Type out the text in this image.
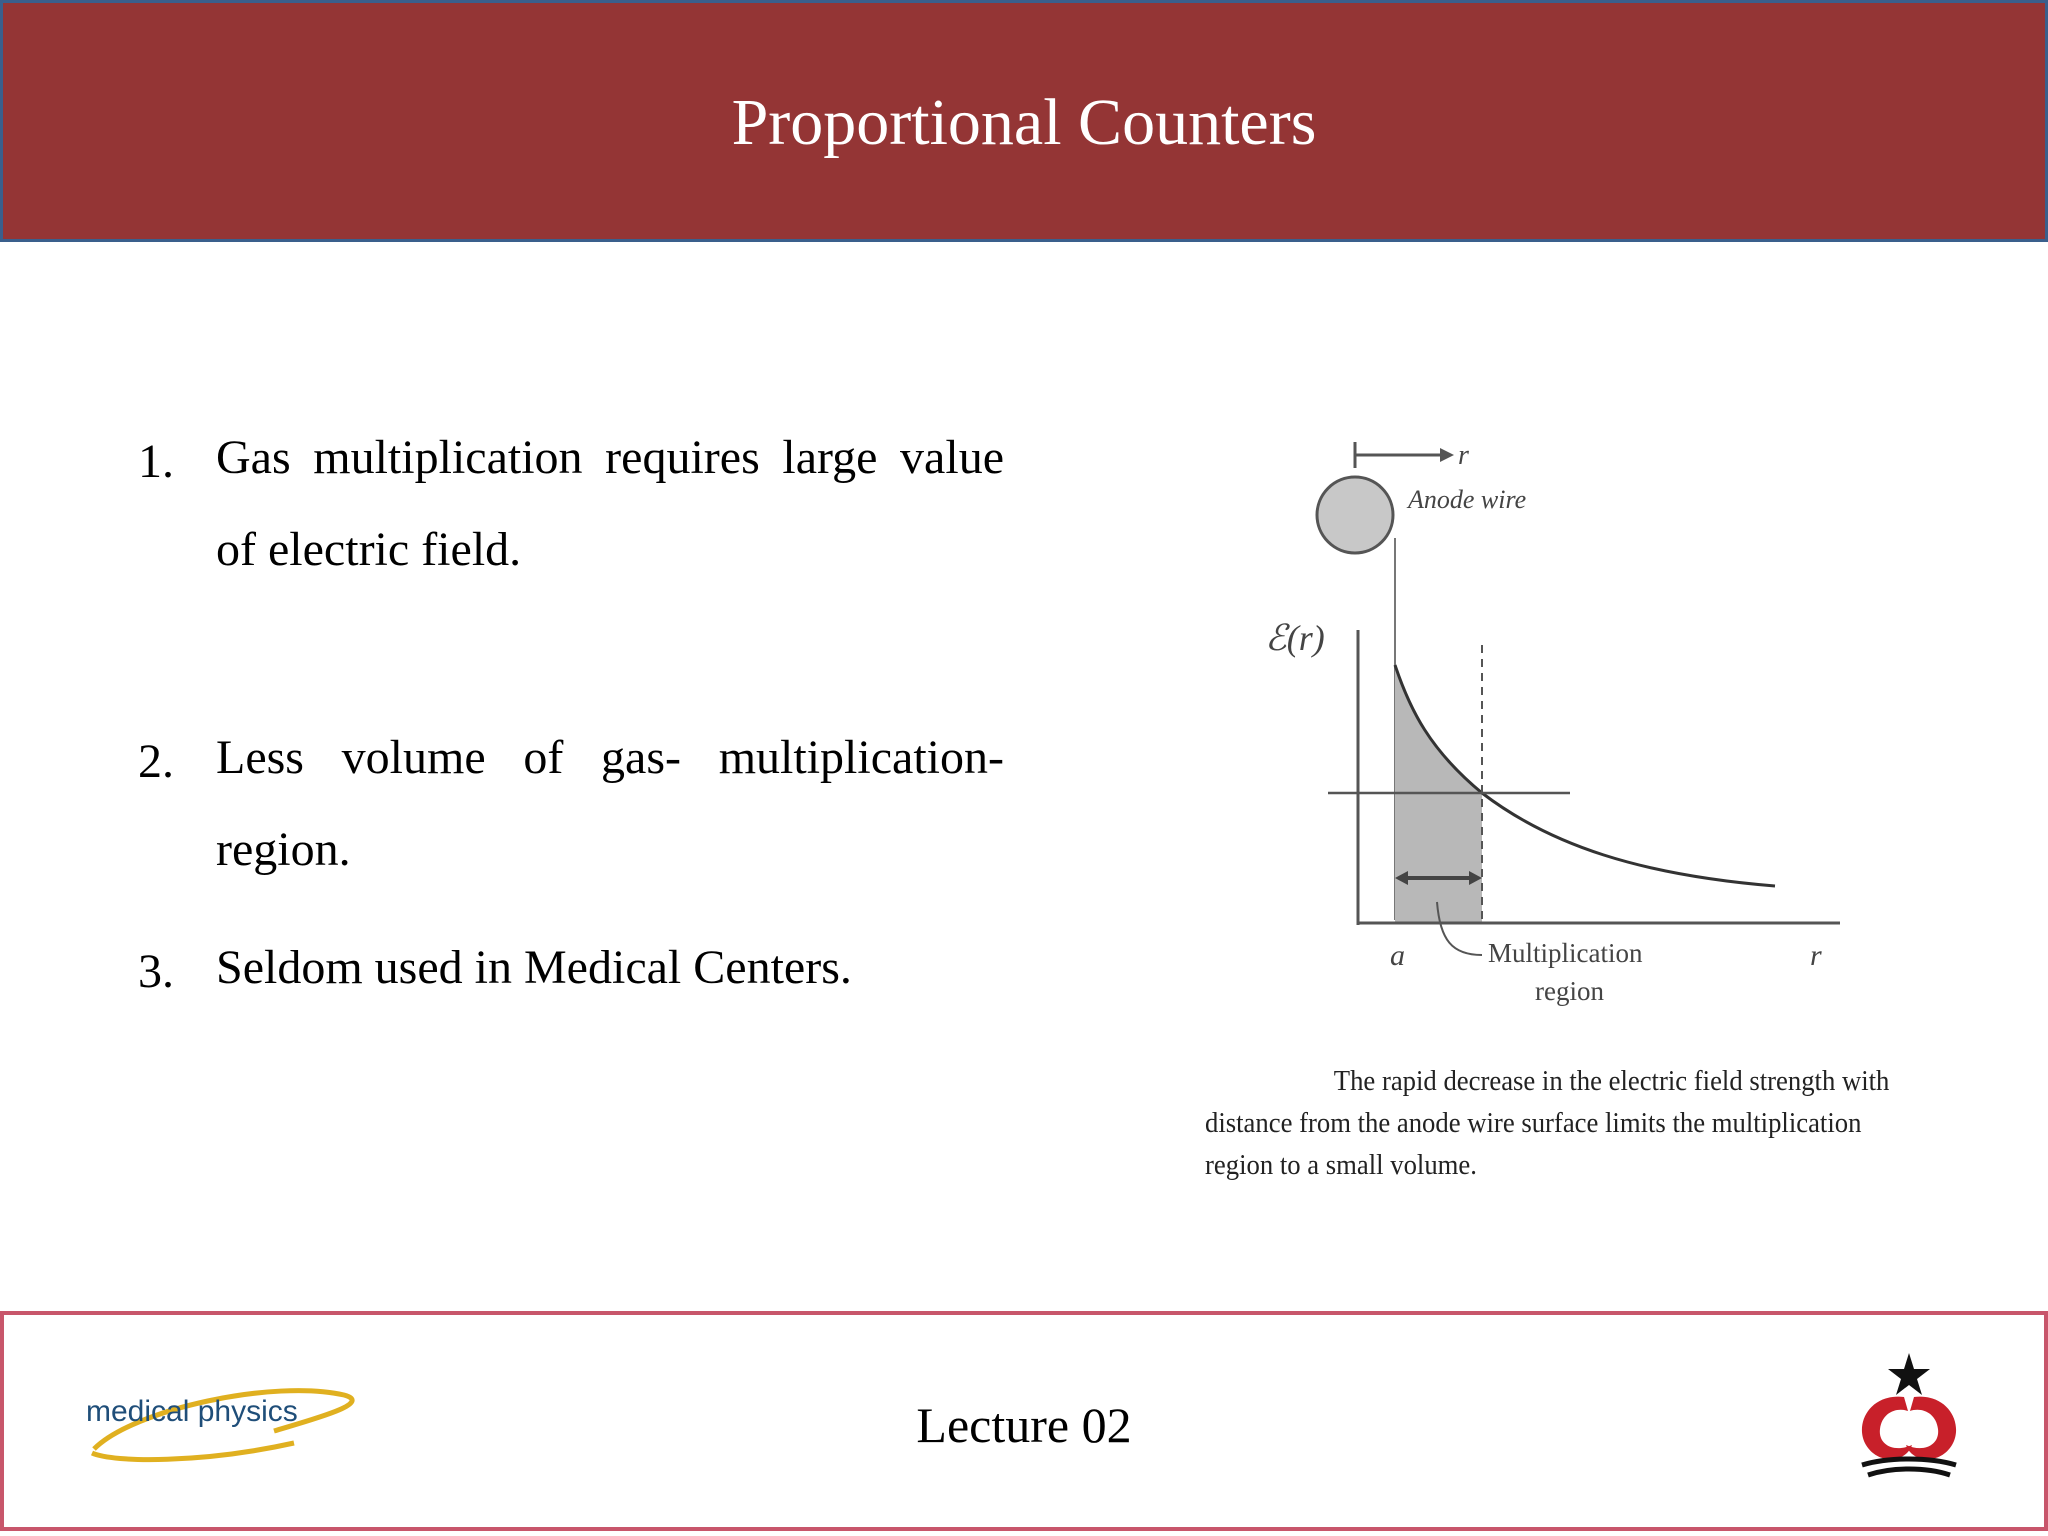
Proportional Counters
1. Gas multiplication requires large value of electric field.
2. Less volume of gas- multiplication- region.
3. Seldom used in Medical Centers.
r
Anode wire
ℰ(r)
a	Multiplication
region
r
The rapid decrease in the electric field strength with distance from the anode wire surface limits the multiplication region to a small volume.
medical physics	Lecture 02
